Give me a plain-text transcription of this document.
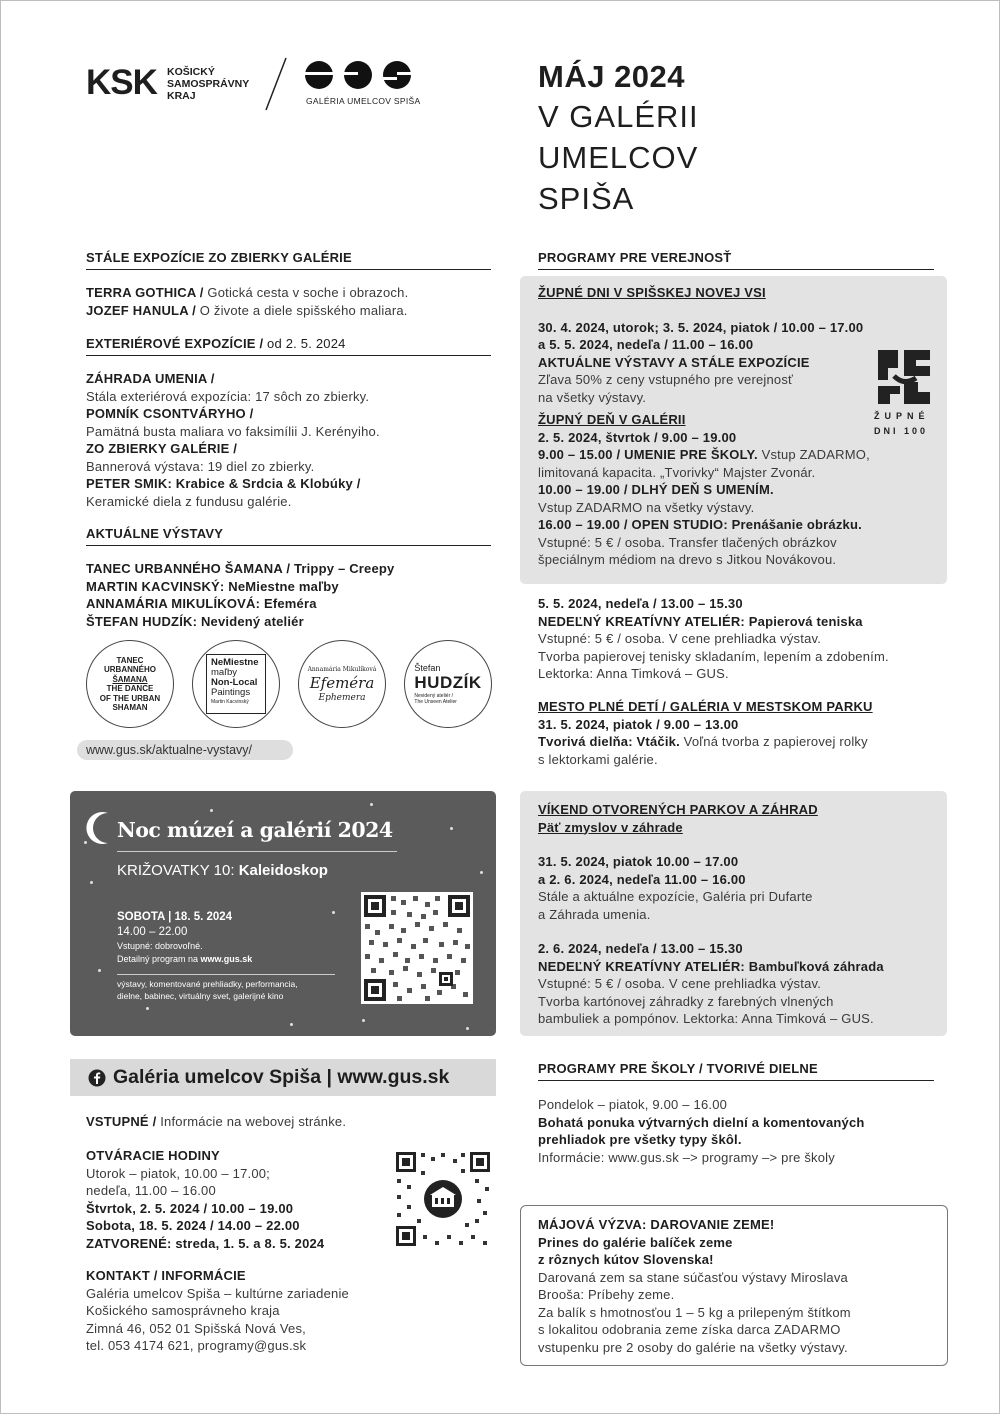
KSK KOŠICKÝ
SAMOSPRÁVNY
KRAJ	GALÉRIA UMELCOV SPIŠA
MÁJ 2024
V GALÉRII
UMELCOV
SPIŠA
STÁLE EXPOZÍCIE ZO ZBIERKY GALÉRIE
TERRA GOTHICA / Gotická cesta v soche i obrazoch.
JOZEF HANULA / O živote a diele spišského maliara.
EXTERIÉROVÉ EXPOZÍCIE / od 2. 5. 2024
ZÁHRADA UMENIA /
Stála exteriérová expozícia: 17 sôch zo zbierky.
POMNÍK CSONTVÁRYHO /
Pamätná busta maliara vo faksimílii J. Kerényiho.
ZO ZBIERKY GALÉRIE /
Bannerová výstava: 19 diel zo zbierky.
PETER SMIK: Krabice & Srdcia & Klobúky /
Keramické diela z fundusu galérie.
AKTUÁLNE VÝSTAVY
TANEC URBANNÉHO ŠAMANA / Trippy – Creepy
MARTIN KACVINSKÝ: NeMiestne maľby
ANNAMÁRIA MIKULÍKOVÁ: Efeméra
ŠTEFAN HUDZÍK: Nevidený ateliér
TANEC
URBANNÉHO
ŠAMANA
THE DANCE
OF THE URBAN
SHAMAN
NeMiestne
maľby
Non-Local
Paintings
Martin Kacvinský
Annamária Mikulíková
Efeméra
Ephemera
Štefan
HUDZÍK
Nevidený ateliér /
The Unseen Atelier
www.gus.sk/aktualne-vystavy/
Noc múzeí a galérií 2024
KRIŽOVATKY 10: Kaleidoskop
SOBOTA | 18. 5. 2024
14.00 – 22.00
Vstupné: dobrovoľné.
Detailný program na www.gus.sk
výstavy, komentované prehliadky, performancia,
dielne, babinec, virtuálny svet, galerijné kino
Galéria umelcov Spiša | www.gus.sk
VSTUPNÉ / Informácie na webovej stránke.
OTVÁRACIE HODINY
Utorok – piatok, 10.00 – 17.00;
nedeľa, 11.00 – 16.00
Štvrtok, 2. 5. 2024 / 10.00 – 19.00
Sobota, 18. 5. 2024 / 14.00 – 22.00
ZATVORENÉ: streda, 1. 5. a 8. 5. 2024
KONTAKT / INFORMÁCIE
Galéria umelcov Spiša – kultúrne zariadenie
Košického samosprávneho kraja
Zimná 46, 052 01 Spišská Nová Ves,
tel. 053 4174 621, programy@gus.sk
PROGRAMY PRE VEREJNOSŤ
ŽUPNÉ DNI V SPIŠSKEJ NOVEJ VSI
30. 4. 2024, utorok; 3. 5. 2024, piatok / 10.00 – 17.00
a 5. 5. 2024, nedeľa / 11.00 – 16.00
AKTUÁLNE VÝSTAVY A STÁLE EXPOZÍCIE
Zľava 50% z ceny vstupného pre verejnosť
na všetky výstavy.
ŽUPNÝ DEŇ V GALÉRII
2. 5. 2024, štvrtok / 9.00 – 19.00
9.00 – 15.00 / UMENIE PRE ŠKOLY. Vstup ZADARMO,
limitovaná kapacita. „Tvorivky“ Majster Zvonár.
10.00 – 19.00 / DLHÝ DEŇ S UMENÍM.
Vstup ZADARMO na všetky výstavy.
16.00 – 19.00 / OPEN STUDIO: Prenášanie obrázku.
Vstupné: 5 € / osoba. Transfer tlačených obrázkov
špeciálnym médiom na drevo s Jitkou Novákovou.
ŽUPNÉ
DNI 100
5. 5. 2024, nedeľa / 13.00 – 15.30
NEDEĽNÝ KREATÍVNY ATELIÉR: Papierová teniska
Vstupné: 5 € / osoba. V cene prehliadka výstav.
Tvorba papierovej tenisky skladaním, lepením a zdobením.
Lektorka: Anna Timková – GUS.
MESTO PLNÉ DETÍ / GALÉRIA V MESTSKOM PARKU
31. 5. 2024, piatok / 9.00 – 13.00
Tvorivá dielňa: Vtáčik. Voľná tvorba z papierovej rolky
s lektorkami galérie.
VÍKEND OTVORENÝCH PARKOV A ZÁHRAD
Päť zmyslov v záhrade
31. 5. 2024, piatok 10.00 – 17.00
a 2. 6. 2024, nedeľa 11.00 – 16.00
Stále a aktuálne expozície, Galéria pri Dufarte
a Záhrada umenia.
2. 6. 2024, nedeľa / 13.00 – 15.30
NEDEĽNÝ KREATÍVNY ATELIÉR: Bambuľková záhrada
Vstupné: 5 € / osoba. V cene prehliadka výstav.
Tvorba kartónovej záhradky z farebných vlnených
bambuliek a pompónov. Lektorka: Anna Timková – GUS.
PROGRAMY PRE ŠKOLY / TVORIVÉ DIELNE
Pondelok – piatok, 9.00 – 16.00
Bohatá ponuka výtvarných dielní a komentovaných
prehliadok pre všetky typy škôl.
Informácie: www.gus.sk –> programy –> pre školy
MÁJOVÁ VÝZVA: DAROVANIE ZEME!
Prines do galérie balíček zeme
z rôznych kútov Slovenska!
Darovaná zem sa stane súčasťou výstavy Miroslava
Brooša: Príbehy zeme.
Za balík s hmotnosťou 1 – 5 kg a prilepeným štítkom
s lokalitou odobrania zeme získa darca ZADARMO
vstupenku pre 2 osoby do galérie na všetky výstavy.
